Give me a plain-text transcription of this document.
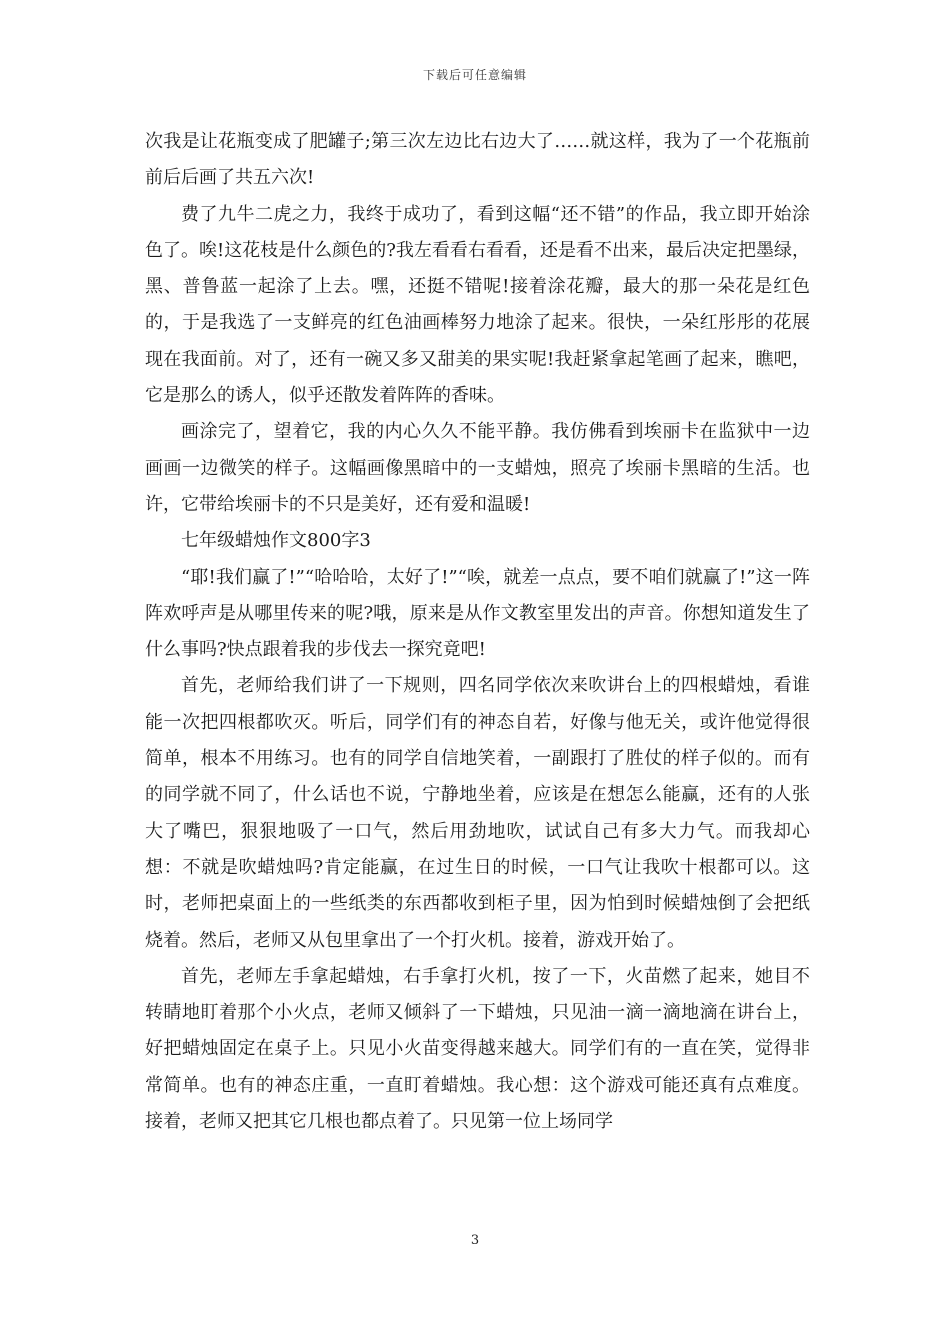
下载后可任意编辑

次我是让花瓶变成了肥罐子;第三次左边比右边大了……就这样，我为了一个花瓶前前后后画了共五六次!

费了九牛二虎之力，我终于成功了，看到这幅“还不错”的作品，我立即开始涂色了。唉!这花枝是什么颜色的?我左看看右看看，还是看不出来，最后决定把墨绿，黑、普鲁蓝一起涂了上去。嘿，还挺不错呢!接着涂花瓣，最大的那一朵花是红色的，于是我选了一支鲜亮的红色油画棒努力地涂了起来。很快，一朵红彤彤的花展现在我面前。对了，还有一碗又多又甜美的果实呢!我赶紧拿起笔画了起来，瞧吧，它是那么的诱人，似乎还散发着阵阵的香味。

画涂完了，望着它，我的内心久久不能平静。我仿佛看到埃丽卡在监狱中一边画画一边微笑的样子。这幅画像黑暗中的一支蜡烛，照亮了埃丽卡黑暗的生活。也许，它带给埃丽卡的不只是美好，还有爱和温暖!

七年级蜡烛作文800字3

“耶!我们赢了!”“哈哈哈，太好了!”“唉，就差一点点，要不咱们就赢了!”这一阵阵欢呼声是从哪里传来的呢?哦，原来是从作文教室里发出的声音。你想知道发生了什么事吗?快点跟着我的步伐去一探究竟吧!

首先，老师给我们讲了一下规则，四名同学依次来吹讲台上的四根蜡烛，看谁能一次把四根都吹灭。听后，同学们有的神态自若，好像与他无关，或许他觉得很简单，根本不用练习。也有的同学自信地笑着，一副跟打了胜仗的样子似的。而有的同学就不同了，什么话也不说，宁静地坐着，应该是在想怎么能赢，还有的人张大了嘴巴，狠狠地吸了一口气，然后用劲地吹，试试自己有多大力气。而我却心想：不就是吹蜡烛吗?肯定能赢，在过生日的时候，一口气让我吹十根都可以。这时，老师把桌面上的一些纸类的东西都收到柜子里，因为怕到时候蜡烛倒了会把纸烧着。然后，老师又从包里拿出了一个打火机。接着，游戏开始了。

首先，老师左手拿起蜡烛，右手拿打火机，按了一下，火苗燃了起来，她目不转睛地盯着那个小火点，老师又倾斜了一下蜡烛，只见油一滴一滴地滴在讲台上，好把蜡烛固定在桌子上。只见小火苗变得越来越大。同学们有的一直在笑，觉得非常简单。也有的神态庄重，一直盯着蜡烛。我心想：这个游戏可能还真有点难度。接着，老师又把其它几根也都点着了。只见第一位上场同学

3
